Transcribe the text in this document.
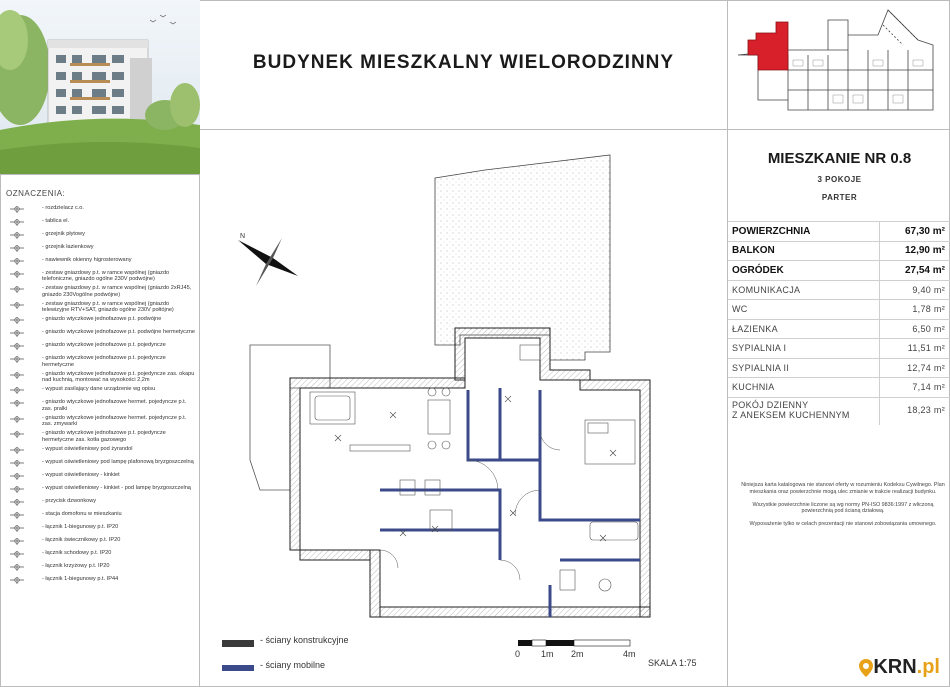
OZNACZENIA:
- rozdzielacz c.o.
- tablica el.
- grzejnik płytowy
- grzejnik łazienkowy
- nawiewnik okienny higrosterowany
- zestaw gniazdowy p.t. w ramce wspólnej (gniazdo telefoniczne, gniazdo ogólne 230V podwójne)
- zestaw gniazdowy p.t. w ramce wspólnej (gniazdo 2xRJ45, gniazdo 230Vogólne podwójne)
- zestaw gniazdowy p.t. w ramce wspólnej (gniazdo telewizyjne RTV+SAT, gniazdo ogólne 230V połtójne)
- gniazdo wtyczkowe jednofazowe p.t. podwójne
- gniazdo wtyczkowe jednofazowe p.t. podwójne hermetyczne
- gniazdo wtyczkowe jednofazowe p.t. pojedyncze
- gniazdo wtyczkowe jednofazowe p.t. pojedyncze hermetyczne
- gniazdo wtyczkowe jednofazowe p.t. pojedyncze zas. okapu nad kuchnią, montować na wysokości 2,2m
- wypust zasilający dane urządzenie wg opisu
- gniazdo wtyczkowe jednofazowe hermet. pojedyncze p.t. zas. pralki
- gniazdo wtyczkowe jednofazowe hermet. pojedyncze p.t. zas. zmywarki
- gniazdo wtyczkowe jednofazowe p.t. pojedyncze hermetyczne zas. kotła gazowego
- wypust oświetleniowy pod żyrandol
- wypust oświetleniowy pod lampę plafonową bryzgoszczelną
- wypust oświetleniowy - kinkiet
- wypust oświetleniowy - kinkiet - pod lampę bryzgoszczelną
- przycisk dzwonkowy
- stacja domofonu w mieszkaniu
- łącznik 1-biegunowy p.t. IP20
- łącznik świecznikowy p.t. IP20
- łącznik schodowy p.t. IP20
- łącznik krzyżowy p.t. IP20
- łącznik 1-biegunowy p.t. IP44
BUDYNEK MIESZKALNY WIELORODZINNY
MIESZKANIE NR 0.8
3 POKOJE
PARTER
POWIERZCHNIA	67,30 m²
BALKON	12,90 m²
OGRÓDEK	27,54 m²
KOMUNIKACJA	9,40 m²
WC	1,78 m²
ŁAZIENKA	6,50 m²
SYPIALNIA I	11,51 m²
SYPIALNIA II	12,74 m²
KUCHNIA	7,14 m²
POKÓJ DZIENNY
Z ANEKSEM KUCHENNYM	18,23 m²

Niniejsza karta katalogowa nie stanowi oferty w rozumieniu Kodeksu Cywilnego. Plan mieszkania oraz powierzchnie mogą ulec zmianie w trakcie realizacji budynku.

Wszystkie powierzchnie liczone są wg normy PN-ISO 9836:1997 z wliczoną powierzchnią pod ścianą działową.

Wyposażenie tylko w celach prezentacji nie stanowi zobowiązania umownego.

N
- ściany konstrukcyjne
- ściany mobilne
0 1m 2m	4m
SKALA 1:75	KRN .pl
